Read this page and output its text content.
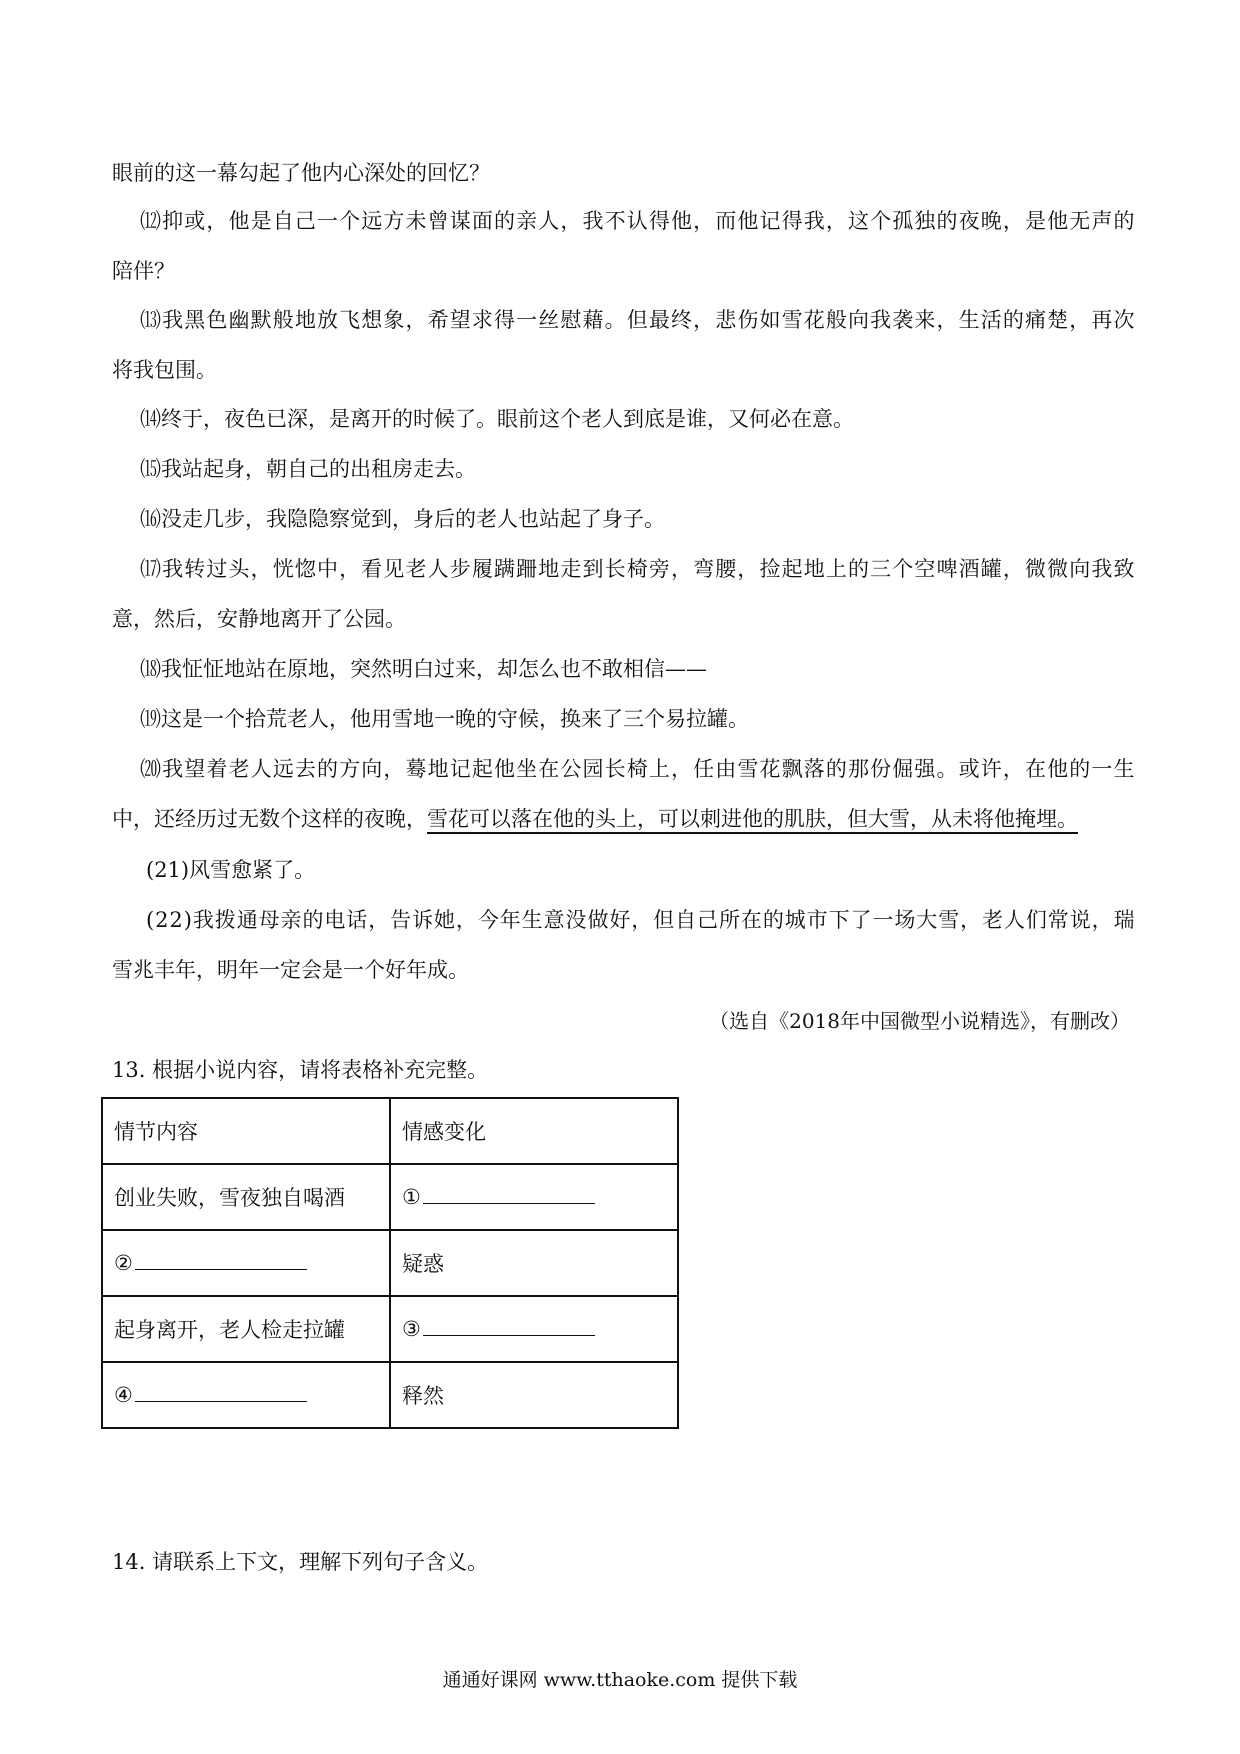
眼前的这一幕勾起了他内心深处的回忆？
⑿ 抑 或 ， 他 是 自 己 一 个 远 方 未 曾 谋 面 的 亲 人 ， 我 不 认 得 他 ， 而 他 记 得 我 ， 这 个 孤 独 的 夜 晚 ， 是 他 无 声 的
陪伴？
⒀ 我 黑 色 幽 默 般 地 放 飞 想 象 ， 希 望 求 得 一 丝 慰 藉 。 但 最 终 ， 悲 伤 如 雪 花 般 向 我 袭 来 ， 生 活 的 痛 楚 ， 再 次
将我包围。
⒁终于，夜色已深，是离开的时候了。眼前这个老人到底是谁，又何必在意。
⒂我站起身，朝自己的出租房走去。
⒃没走几步，我隐隐察觉到，身后的老人也站起了身子。
⒄ 我 转 过 头 ， 恍 惚 中 ， 看 见 老 人 步 履 蹒 跚 地 走 到 长 椅 旁 ， 弯 腰 ， 捡 起 地 上 的 三 个 空 啤 酒 罐 ， 微 微 向 我 致
意，然后，安静地离开了公园。
⒅我怔怔地站在原地，突然明白过来，却怎么也不敢相信——
⒆这是一个拾荒老人，他用雪地一晚的守候，换来了三个易拉罐。
⒇ 我 望 着 老 人 远 去 的 方 向 ， 蓦 地 记 起 他 坐 在 公 园 长 椅 上 ， 任 由 雪 花 飘 落 的 那 份 倔 强 。 或 许 ， 在 他 的 一 生
中，还经历过无数个这样的夜晚，雪花可以落在他的头上，可以刺进他的肌肤，但大雪，从未将他掩埋。
(21)风雪愈紧了。
( 2 2 ) 我 拨 通 母 亲 的 电 话 ， 告 诉 她 ， 今 年 生 意 没 做 好 ， 但 自 己 所 在 的 城 市 下 了 一 场 大 雪 ， 老 人 们 常 说 ， 瑞
雪兆丰年，明年一定会是一个好年成。
（选自《2018年中国微型小说精选》，有删改）
13. 根据小说内容，请将表格补充完整。
情节内容	情感变化
创业失败，雪夜独自喝酒	①
②	疑惑
起身离开，老人检走拉罐	③
④	释然
14. 请联系上下文，理解下列句子含义。
通通好课网 www.tthaoke.com 提供下载
